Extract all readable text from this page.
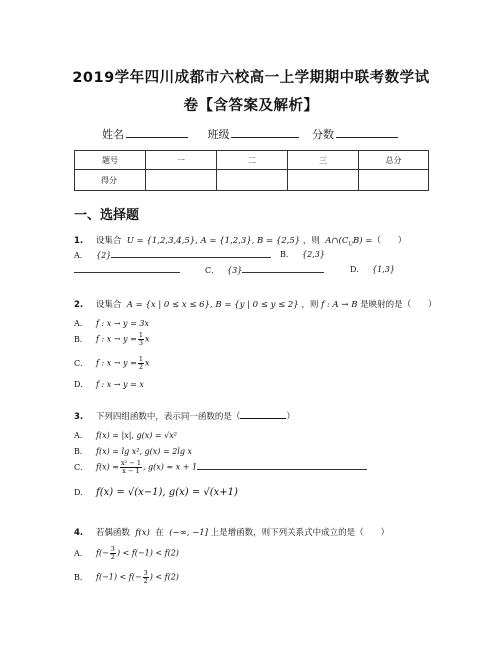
2019学年四川成都市六校高一上学期期中联考数学试
卷【含答案及解析】
姓名	班级	分数
题号	一	二	三	总分
得分				
一、选择题
1. 设集合 U = {1,2,3,4,5}, A = {1,2,3}, B = {2,5} ，则 $A\cap(C_UB)$ =（　　）
A． {2}	B． {2,3}
C． {3}	D． {1,3}
2. 设集合 A = {x | 0 ≤ x ≤ 6}, B = {y | 0 ≤ y ≤ 2} ，则 f : A → B 是映射的是（　　）
A． f : x → y = 3x
B． f : $x \to y = \frac{1}{3}$ x
C． f : $x \to y = \frac{1}{2}$ x
D． f : x → y = x
3. 下列四组函数中，表示同一函数的是（	）
A． f(x) = |x|, g(x) = √x²
B． f(x) = lg x², g(x) = 2lg x
C． $f(x) = \frac{\text{x² − 1}}{x - 1}$ , g(x) = x + 1
D． f(x) = √(x−1), g(x) = √(x+1)
4. 若偶函数 f(x) 在 (−∞, −1] 上是增函数，则下列关系式中成立的是（　　）
A． $f(- \frac{3}{2}$ ) < f(−1) < f(2)
B． $f(-1) < f(- \frac{3}{2}$ ) < f(2)
